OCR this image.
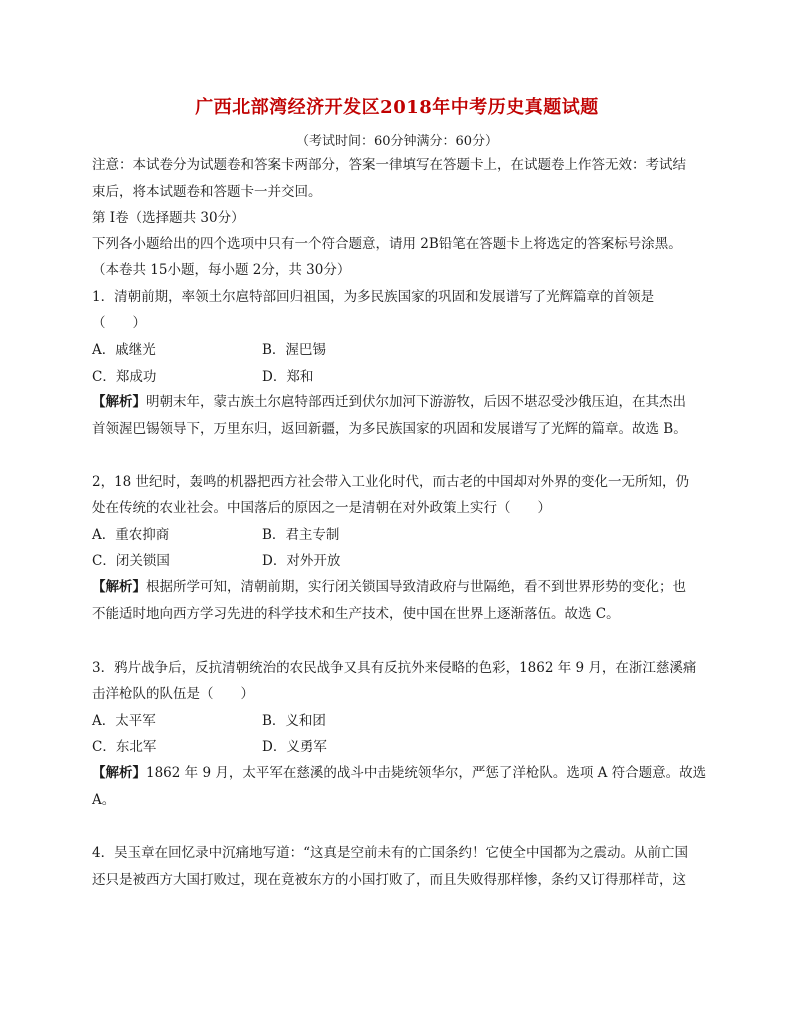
广西北部湾经济开发区2018年中考历史真题试题
（考试时间：60分钟满分：60分）
注意：本试卷分为试题卷和答案卡两部分，答案一律填写在答题卡上，在试题卷上作答无效：考试结
束后，将本试题卷和答题卡一并交回。
第 Ⅰ卷（选择题共 30分）
下列各小题给出的四个选项中只有一个符合题意，请用 2B铅笔在答题卡上将选定的答案标号涂黑。
（本卷共 15小题，每小题 2分，共 30分）
1．清朝前期，率领土尔扈特部回归祖国，为多民族国家的巩固和发展谱写了光辉篇章的首领是
（　　）
A．戚继光	B．渥巴锡
C．郑成功	D．郑和
【解析】明朝末年，蒙古族土尔扈特部西迁到伏尔加河下游游牧，后因不堪忍受沙俄压迫，在其杰出
首领渥巴锡领导下，万里东归，返回新疆，为多民族国家的巩固和发展谱写了光辉的篇章。故选 B。
2，18 世纪时，轰鸣的机器把西方社会带入工业化时代，而古老的中国却对外界的变化一无所知，仍
处在传统的农业社会。中国落后的原因之一是清朝在对外政策上实行（　　）
A．重农抑商	B．君主专制
C．闭关锁国	D．对外开放
【解析】根据所学可知，清朝前期，实行闭关锁国导致清政府与世隔绝，看不到世界形势的变化；也
不能适时地向西方学习先进的科学技术和生产技术，使中国在世界上逐渐落伍。故选 C。
3．鸦片战争后，反抗清朝统治的农民战争又具有反抗外来侵略的色彩，1862 年 9 月，在浙江慈溪痛
击洋枪队的队伍是（　　）
A．太平军	B．义和团
C．东北军	D．义勇军
【解析】1862 年 9 月，太平军在慈溪的战斗中击毙统领华尔，严惩了洋枪队。选项 A 符合题意。故选
A。
4．吴玉章在回忆录中沉痛地写道：“这真是空前未有的亡国条约！它使全中国都为之震动。从前亡国
还只是被西方大国打败过，现在竟被东方的小国打败了，而且失败得那样惨，条约又订得那样苛，这
